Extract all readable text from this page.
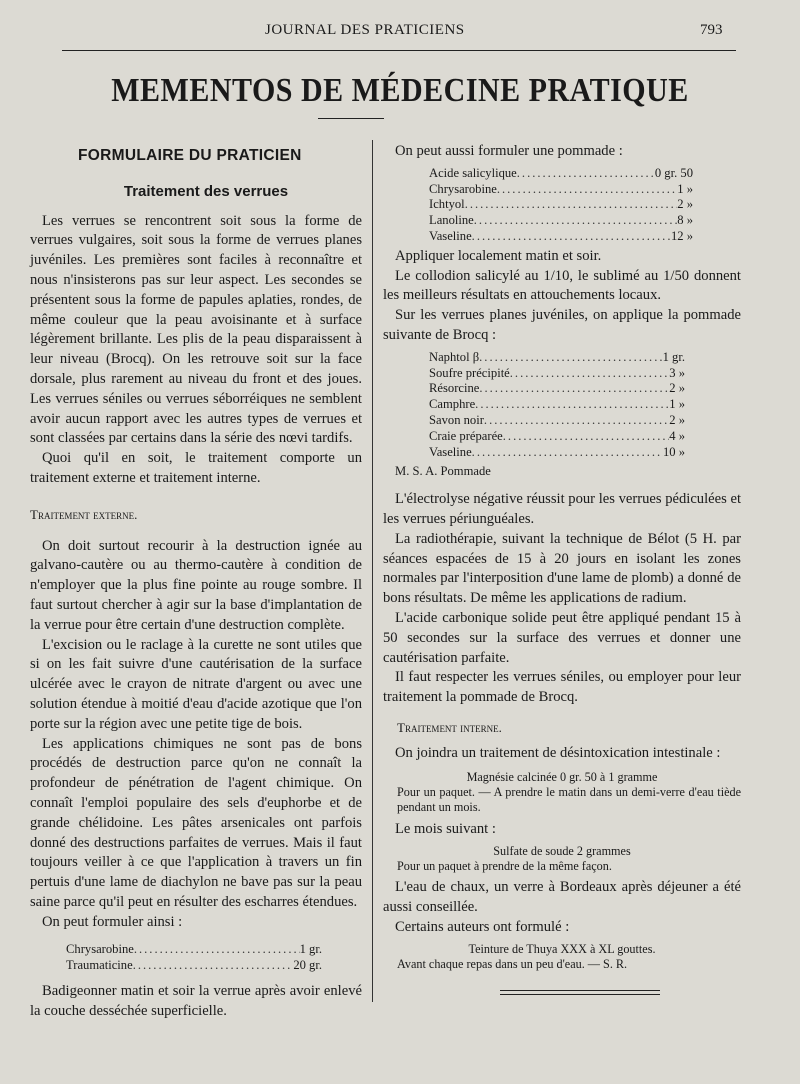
JOURNAL DES PRATICIENS	793
MEMENTOS DE MÉDECINE PRATIQUE
FORMULAIRE DU PRATICIEN
Traitement des verrues

Les verrues se rencontrent soit sous la forme de verrues vulgaires, soit sous la forme de verrues planes juvéniles. Les premières sont faciles à reconnaître et nous n'insisterons pas sur leur aspect. Les secondes se présentent sous la forme de papules aplaties, rondes, de même couleur que la peau avoisinante et à surface légèrement brillante. Les plis de la peau disparaissent à leur niveau (Brocq). On les retrouve soit sur la face dorsale, plus rarement au niveau du front et des joues. Les verrues séniles ou verrues séborréiques ne semblent avoir aucun rapport avec les autres types de verrues et sont classées par certains dans la série des nœvi tardifs.

Quoi qu'il en soit, le traitement comporte un traitement externe et traitement interne.

Traitement externe.

On doit surtout recourir à la destruction ignée au galvano-cautère ou au thermo-cautère à condition de n'employer que la plus fine pointe au rouge sombre. Il faut surtout chercher à agir sur la base d'implantation de la verrue pour être certain d'une destruction complète.

L'excision ou le raclage à la curette ne sont utiles que si on les fait suivre d'une cautérisation de la surface ulcérée avec le crayon de nitrate d'argent ou avec une solution étendue à moitié d'eau d'acide azotique que l'on porte sur la région avec une petite tige de bois.

Les applications chimiques ne sont pas de bons procédés de destruction parce qu'on ne connaît la profondeur de pénétration de l'agent chimique. On connaît l'emploi populaire des sels d'euphorbe et de grande chélidoine. Les pâtes arsenicales ont parfois donné des destructions parfaites de verrues. Mais il faut toujours veiller à ce que l'application à travers un fin pertuis d'une lame de diachylon ne bave pas sur la peau saine parce qu'il peut en résulter des escharres étendues.

On peut formuler ainsi :

Chrysarobine .....	1 gr.
Traumaticine .....	20 gr.

Badigeonner matin et soir la verrue après avoir enlevé la couche desséchée superficielle.

On peut aussi formuler une pommade :

Acide salicylique .....	0 gr. 50
Chrysarobine .....	1 »
Ichtyol .....	2 »
Lanoline .....	8 »
Vaseline .....	12 »

Appliquer localement matin et soir.

Le collodion salicylé au 1/10, le sublimé au 1/50 donnent les meilleurs résultats en attouchements locaux.

Sur les verrues planes juvéniles, on applique la pommade suivante de Brocq :

Naphtol β .....	1 gr.
Soufre précipité .....	3 »
Résorcine .....	2 »
Camphre .....	1 »
Savon noir .....	2 »
Craie préparée .....	4 »
Vaseline .....	10 »
M. S. A. Pommade

L'électrolyse négative réussit pour les verrues pédiculées et les verrues périunguéales.

La radiothérapie, suivant la technique de Bélot (5 H. par séances espacées de 15 à 20 jours en isolant les zones normales par l'interposition d'une lame de plomb) a donné de bons résultats. De même les applications de radium.

L'acide carbonique solide peut être appliqué pendant 15 à 50 secondes sur la surface des verrues et donner une cautérisation parfaite.

Il faut respecter les verrues séniles, ou employer pour leur traitement la pommade de Brocq.

Traitement interne.

On joindra un traitement de désintoxication intestinale :

Magnésie calcinée 0 gr. 50 à 1 gramme
Pour un paquet. — A prendre le matin dans un demi-verre d'eau tiède pendant un mois.

Le mois suivant :

Sulfate de soude 2 grammes
Pour un paquet à prendre de la même façon.

L'eau de chaux, un verre à Bordeaux après déjeuner a été aussi conseillée.

Certains auteurs ont formulé :

Teinture de Thuya XXX à XL gouttes.
Avant chaque repas dans un peu d'eau. — S. R.
